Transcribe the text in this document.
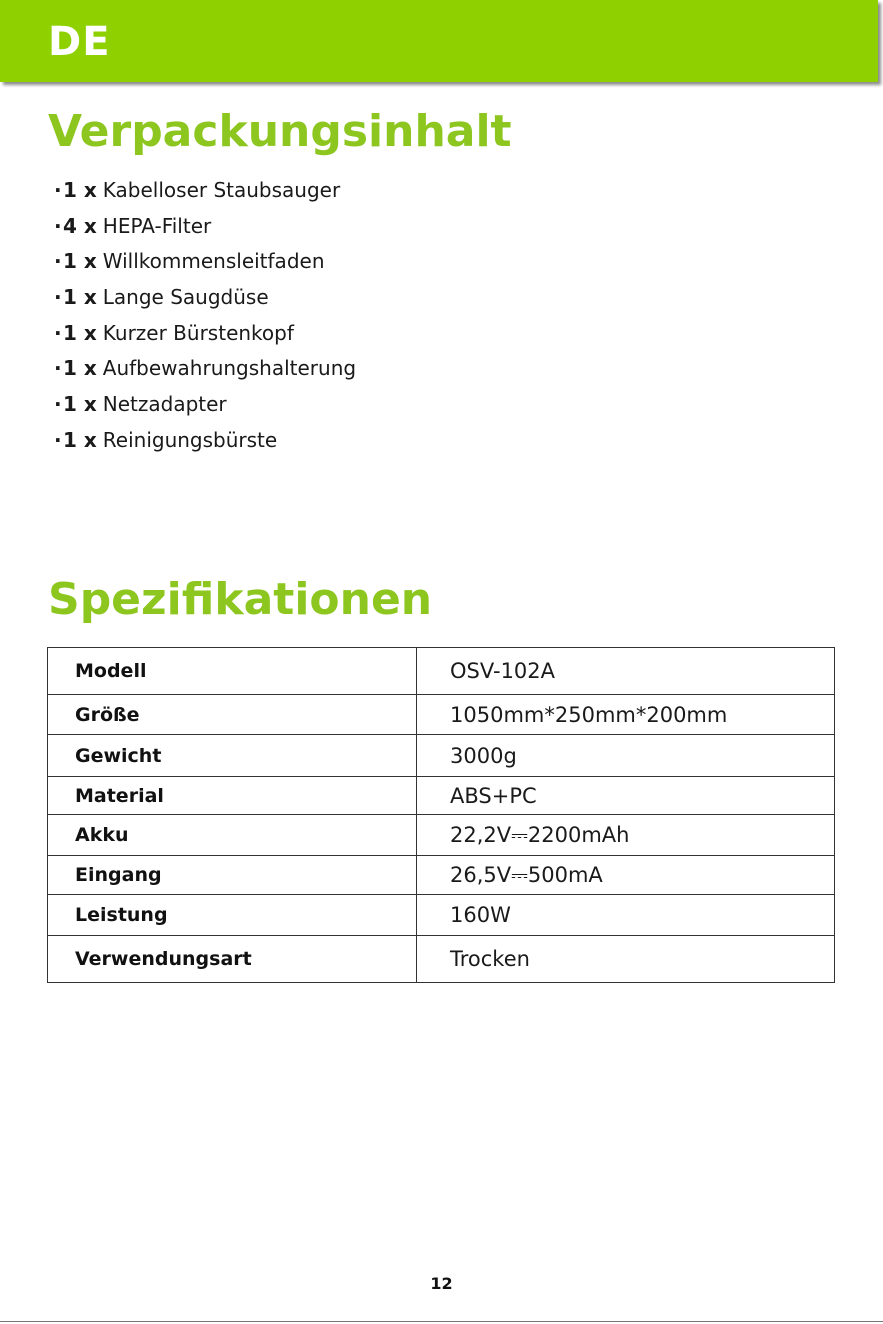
DE
Verpackungsinhalt
·1 x Kabelloser Staubsauger
·4 x HEPA-Filter
·1 x Willkommensleitfaden
·1 x Lange Saugdüse
·1 x Kurzer Bürstenkopf
·1 x Aufbewahrungshalterung
·1 x Netzadapter
·1 x Reinigungsbürste
Spezifikationen
Modell	OSV-102A
Größe	1050mm*250mm*200mm
Gewicht	3000g
Material	ABS+PC
Akku	22,2V⎓2200mAh
Eingang	26,5V⎓500mA
Leistung	160W
Verwendungsart	Trocken
12
